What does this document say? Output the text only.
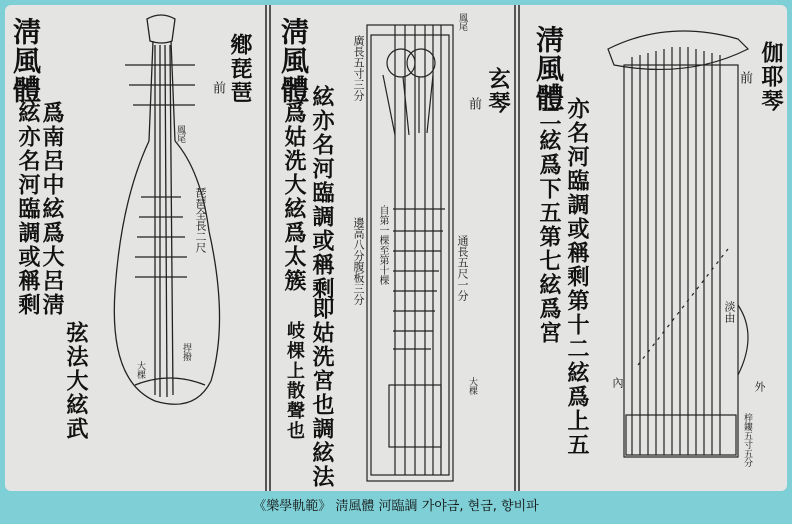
淸風體
絃亦名河臨調或稱剩
爲南呂中絃爲大呂淸
弦法大絃武
鄕琵琶
前
琵琶全長二尺
捍撥
鳳尾
大棵
淸風體
絃亦名河臨調或稱剩
爲姑洗大絃爲太簇
即姑洗宮也調絃法
岐棵上散聲也
玄琴
前
鳳尾
廣長五寸三分
邊高八分腹板三分	通長五尺一分
自第一棵至第十棵
大棵
淸風體
二絃爲下五第七絃爲宮 亦名河臨調或稱剩
第十二絃爲上五
伽耶琴
前
淡由
外
內
梓鏤五寸五分
《樂學軌範》 淸風體 河臨調 가야금, 현금, 향비파
